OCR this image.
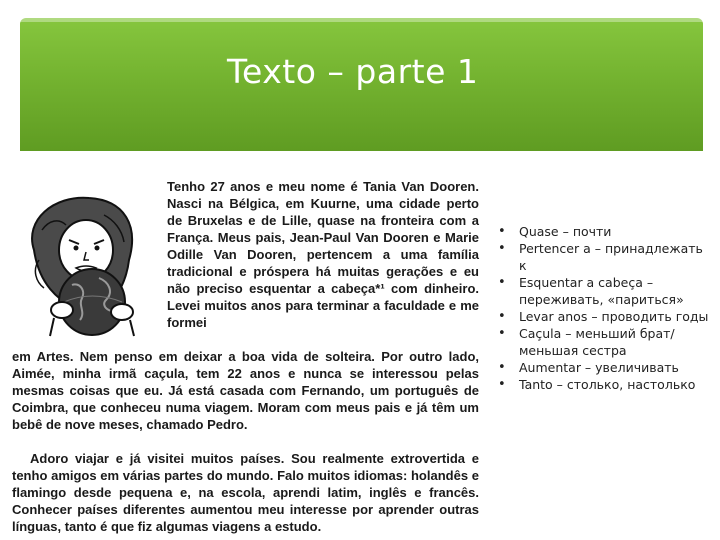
Texto – parte 1

Tenho 27 anos e meu nome é Tania Van Dooren. Nasci na Bélgica, em Kuurne, uma cidade perto de Bruxelas e de Lille, quase na fronteira com a França. Meus pais, Jean-Paul Van Dooren e Marie Odille Van Dooren, pertencem a uma família tradicional e próspera há muitas gerações e eu não preciso esquentar a cabeça*¹ com dinheiro. Levei muitos anos para terminar a faculdade e me formei

em Artes. Nem penso em deixar a boa vida de solteira. Por outro lado, Aimée, minha irmã caçula, tem 22 anos e nunca se interessou pelas mesmas coisas que eu. Já está casada com Fernando, um português de Coimbra, que conheceu numa viagem. Moram com meus pais e já têm um bebê de nove meses, chamado Pedro.

Adoro viajar e já visitei muitos países. Sou realmente extrovertida e tenho amigos em várias partes do mundo. Falo muitos idiomas: holandês e flamingo desde pequena e, na escola, aprendi latim, inglês e francês. Conhecer países diferentes aumentou meu interesse por aprender outras línguas, tanto é que fiz algumas viagens a estudo.

• Quase – почти
• Pertencer a – принадлежать к
• Esquentar a cabeça – переживать, «париться»
• Levar anos – проводить годы
• Caçula – меньший брат/ меньшая сестра
• Aumentar – увеличивать
• Tanto – столько, настолько
